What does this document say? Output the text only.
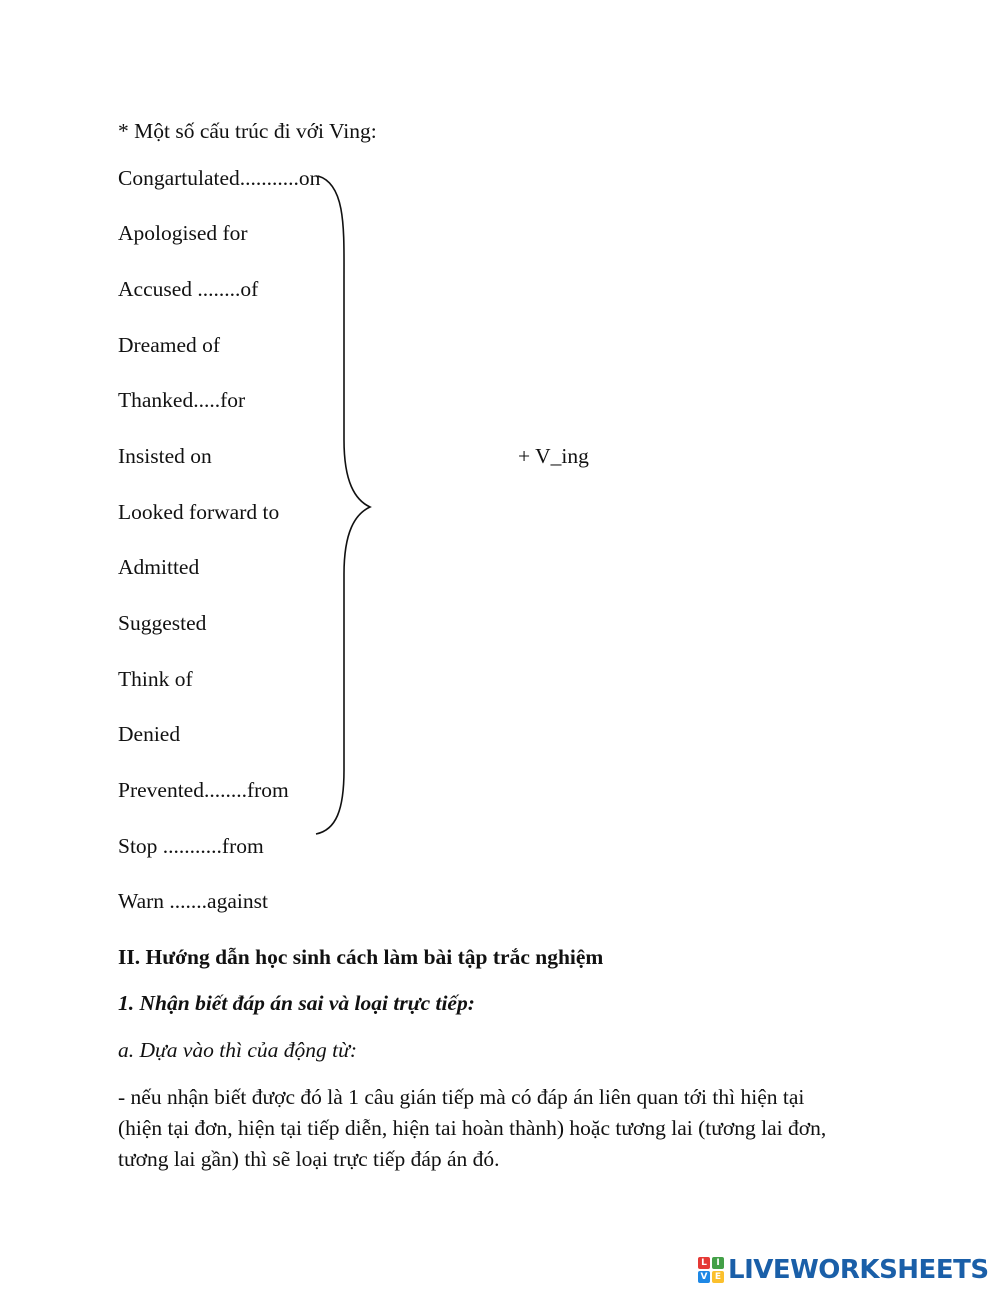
* Một số cấu trúc đi với Ving:
Congartulated...........on
Apologised for
Accused ........of
Dreamed of
Thanked.....for
Insisted on
Looked forward to
Admitted
Suggested
Think of
Denied
Prevented........from
Stop ...........from
Warn .......against
+ V_ing
II. Hướng dẫn học sinh cách làm bài tập trắc nghiệm
1. Nhận biết đáp án sai và loại trực tiếp:
a. Dựa vào thì của động từ:
- nếu nhận biết được đó là 1 câu gián tiếp mà có đáp án liên quan tới thì hiện tại
(hiện tại đơn, hiện tại tiếp diễn, hiện tai hoàn thành) hoặc tương lai (tương lai đơn,
tương lai gần) thì sẽ loại trực tiếp đáp án đó.
L	I
V E LIVEWORKSHEETS
